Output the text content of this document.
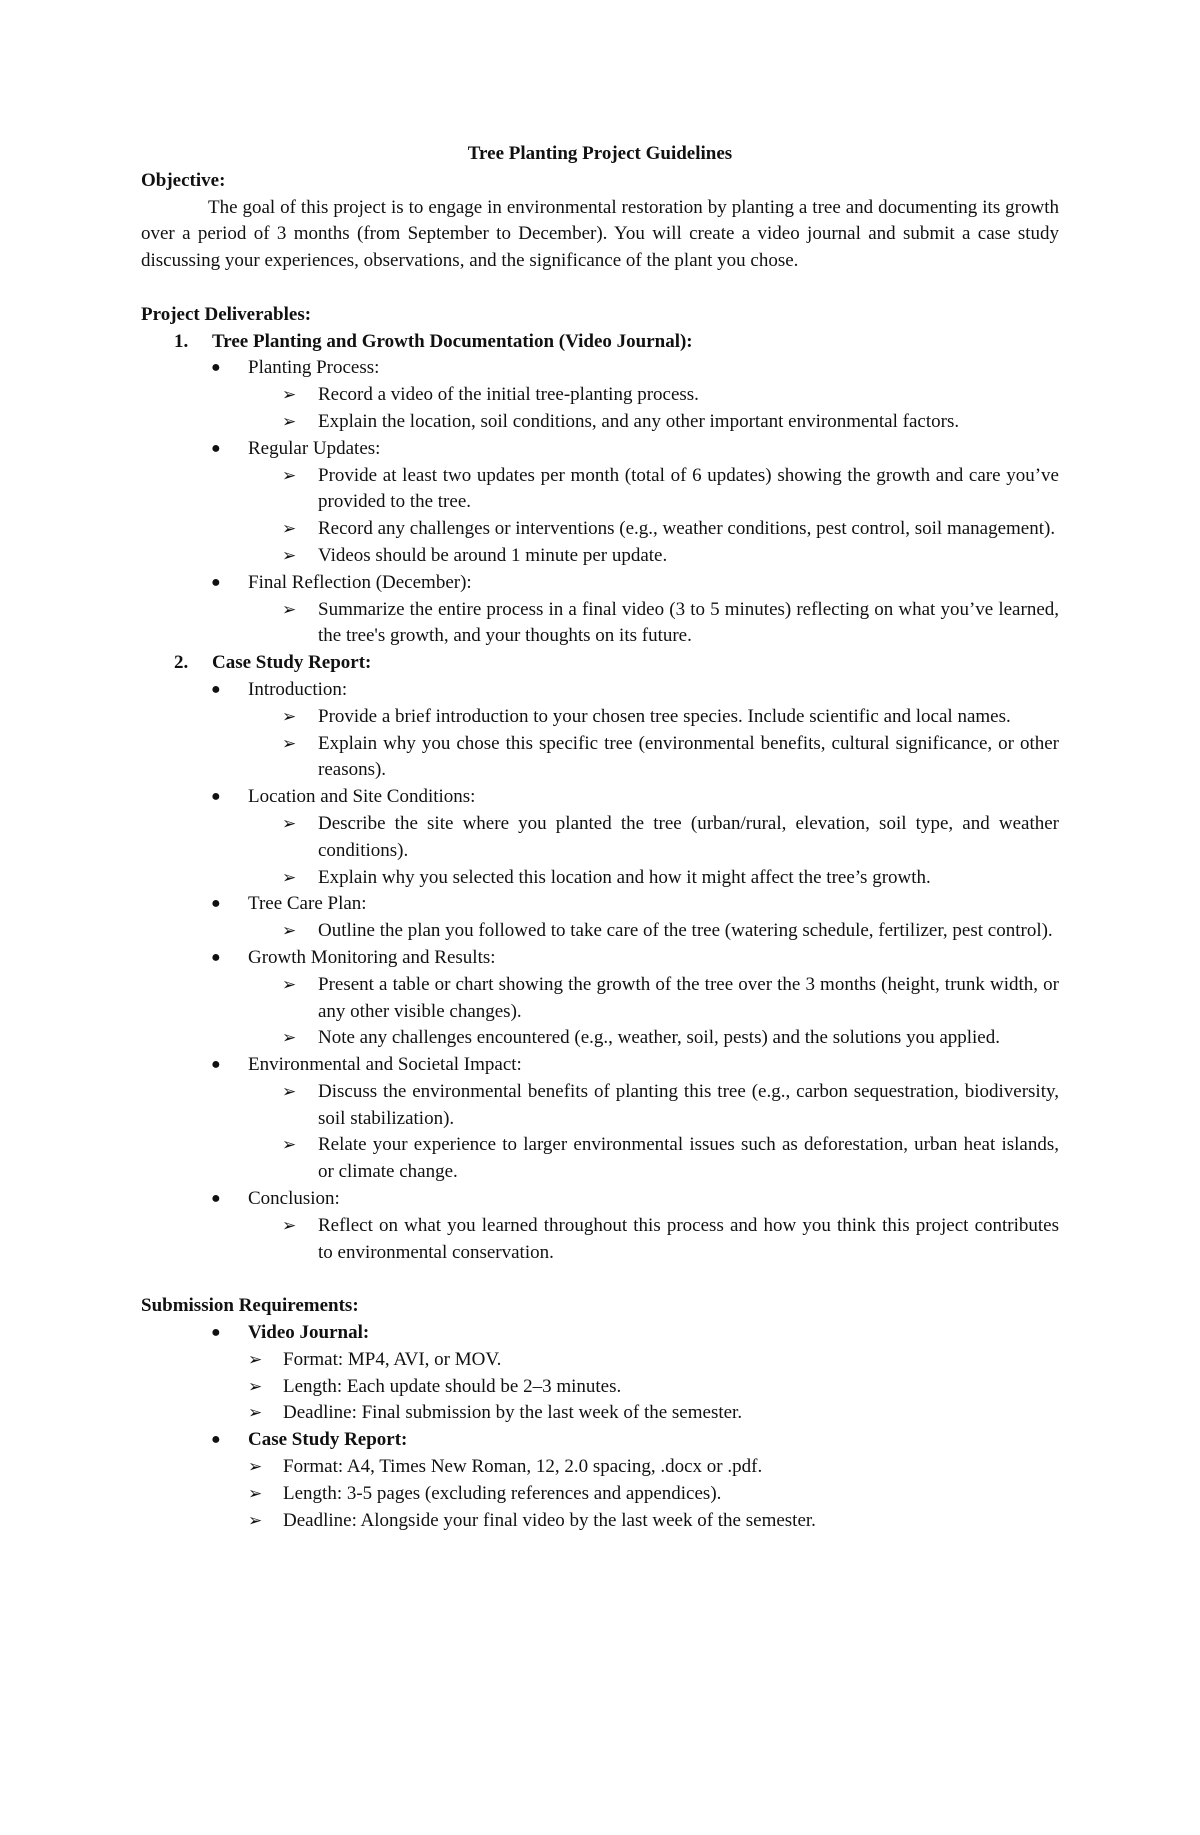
Tree Planting Project Guidelines

Objective:

The goal of this project is to engage in environmental restoration by planting a tree and documenting its growth over a period of 3 months (from September to December). You will create a video journal and submit a case study discussing your experiences, observations, and the significance of the plant you chose.

Project Deliverables:

1. Tree Planting and Growth Documentation (Video Journal):
● Planting Process:
➢ Record a video of the initial tree-planting process.
➢ Explain the location, soil conditions, and any other important environmental factors.
● Regular Updates:
➢ Provide at least two updates per month (total of 6 updates) showing the growth and care you’ve provided to the tree.
➢ Record any challenges or interventions (e.g., weather conditions, pest control, soil management).
➢ Videos should be around 1 minute per update.
● Final Reflection (December):
➢ Summarize the entire process in a final video (3 to 5 minutes) reflecting on what you’ve learned, the tree's growth, and your thoughts on its future.
2. Case Study Report:
● Introduction:
➢ Provide a brief introduction to your chosen tree species. Include scientific and local names.
➢ Explain why you chose this specific tree (environmental benefits, cultural significance, or other reasons).
● Location and Site Conditions:
➢ Describe the site where you planted the tree (urban/rural, elevation, soil type, and weather conditions).
➢ Explain why you selected this location and how it might affect the tree’s growth.
● Tree Care Plan:
➢ Outline the plan you followed to take care of the tree (watering schedule, fertilizer, pest control).
● Growth Monitoring and Results:
➢ Present a table or chart showing the growth of the tree over the 3 months (height, trunk width, or any other visible changes).
➢ Note any challenges encountered (e.g., weather, soil, pests) and the solutions you applied.
● Environmental and Societal Impact:
➢ Discuss the environmental benefits of planting this tree (e.g., carbon sequestration, biodiversity, soil stabilization).
➢ Relate your experience to larger environmental issues such as deforestation, urban heat islands, or climate change.
● Conclusion:
➢ Reflect on what you learned throughout this process and how you think this project contributes to environmental conservation.

Submission Requirements:

● Video Journal:
➢ Format: MP4, AVI, or MOV.
➢ Length: Each update should be 2–3 minutes.
➢ Deadline: Final submission by the last week of the semester.
● Case Study Report:
➢ Format: A4, Times New Roman, 12, 2.0 spacing, .docx or .pdf.
➢ Length: 3-5 pages (excluding references and appendices).
➢ Deadline: Alongside your final video by the last week of the semester.
